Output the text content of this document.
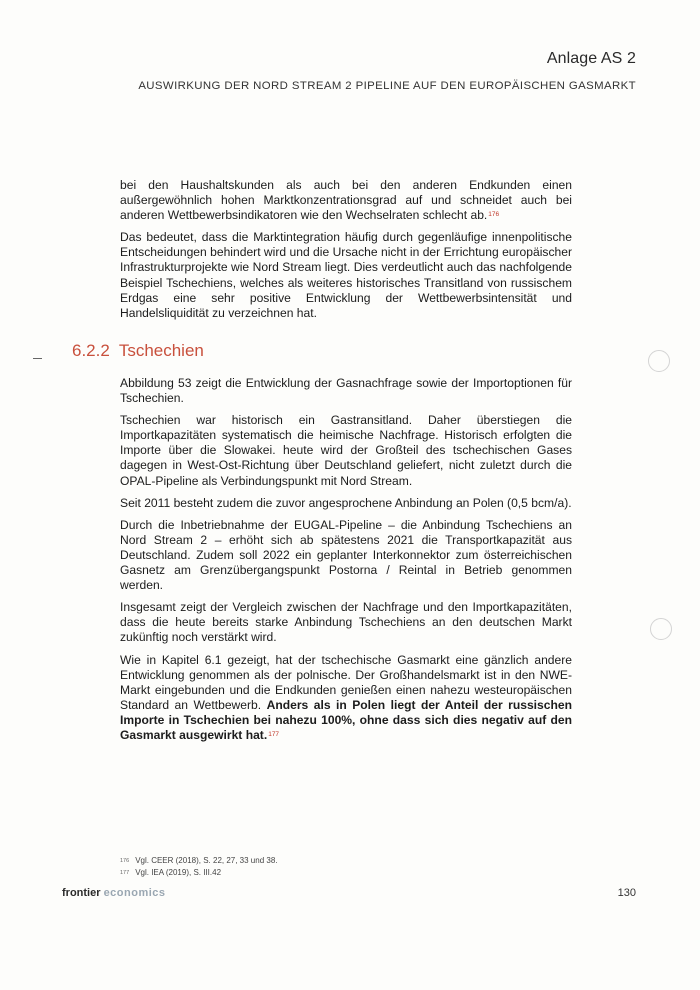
Anlage AS 2
AUSWIRKUNG DER NORD STREAM 2 PIPELINE AUF DEN EUROPÄISCHEN GASMARKT

bei den Haushaltskunden als auch bei den anderen Endkunden einen außergewöhnlich hohen Marktkonzentrationsgrad auf und schneidet auch bei anderen Wettbewerbsindikatoren wie den Wechselraten schlecht ab.$^{176}$

Das bedeutet, dass die Marktintegration häufig durch gegenläufige innenpolitische Entscheidungen behindert wird und die Ursache nicht in der Errichtung europäischer Infrastrukturprojekte wie Nord Stream liegt. Dies verdeutlicht auch das nachfolgende Beispiel Tschechiens, welches als weiteres historisches Transitland von russischem Erdgas eine sehr positive Entwicklung der Wettbewerbsintensität und Handelsliquidität zu verzeichnen hat.

6.2.2 Tschechien

Abbildung 53 zeigt die Entwicklung der Gasnachfrage sowie der Importoptionen für Tschechien.

Tschechien war historisch ein Gastransitland. Daher überstiegen die Importkapazitäten systematisch die heimische Nachfrage. Historisch erfolgten die Importe über die Slowakei. heute wird der Großteil des tschechischen Gases dagegen in West-Ost-Richtung über Deutschland geliefert, nicht zuletzt durch die OPAL-Pipeline als Verbindungspunkt mit Nord Stream.

Seit 2011 besteht zudem die zuvor angesprochene Anbindung an Polen (0,5 bcm/a).

Durch die Inbetriebnahme der EUGAL-Pipeline – die Anbindung Tschechiens an Nord Stream 2 – erhöht sich ab spätestens 2021 die Transportkapazität aus Deutschland. Zudem soll 2022 ein geplanter Interkonnektor zum österreichischen Gasnetz am Grenzübergangspunkt Postorna / Reintal in Betrieb genommen werden.

Insgesamt zeigt der Vergleich zwischen der Nachfrage und den Importkapazitäten, dass die heute bereits starke Anbindung Tschechiens an den deutschen Markt zukünftig noch verstärkt wird.

Wie in Kapitel 6.1 gezeigt, hat der tschechische Gasmarkt eine gänzlich andere Entwicklung genommen als der polnische. Der Großhandelsmarkt ist in den NWE-Markt eingebunden und die Endkunden genießen einen nahezu westeuropäischen Standard an Wettbewerb. Anders als in Polen liegt der Anteil der russischen Importe in Tschechien bei nahezu 100%, ohne dass sich dies negativ auf den Gasmarkt ausgewirkt hat.$^{177}$

$^{176}$ Vgl. CEER (2018), S. 22, 27, 33 und 38.
$^{177}$ Vgl. IEA (2019), S. III.42
frontier economics	130
